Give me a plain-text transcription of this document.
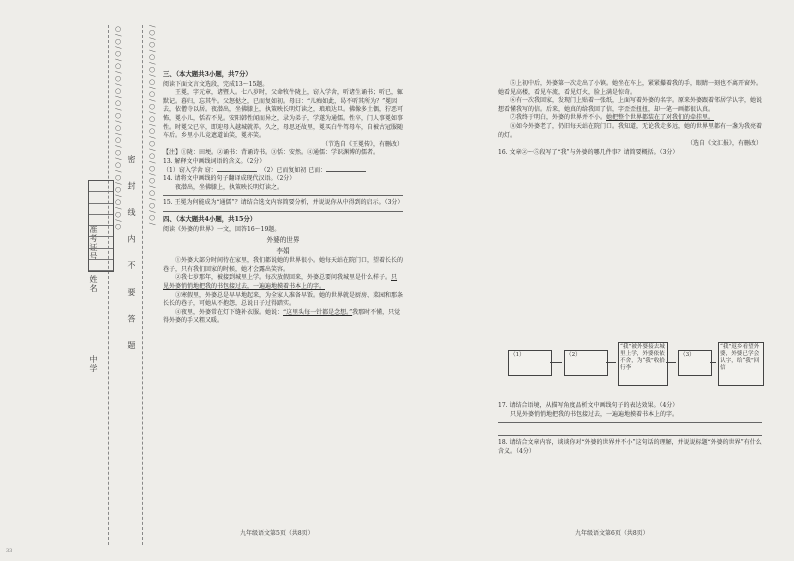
中学
姓名
准考证号	密 封 线 内 不 要 答 题
○/○/○/○/○/○/○/○/○/○/○/○/○/○/○/○/○	/○/○/○/○/○/○/○/○/○/○/○/○/○/○/○/○/ 三、（本大题共3小题，共7分）

阅读下面文言文选段，完成13～15题。

王冕，字元章，诸暨人。七八岁时，父命牧牛陇上，窃入学舍，听诸生诵书；听已，辄默记。暮归，忘其牛。父怒挞之，已而复如初。母曰：“儿痴如此，曷不听其所为？”冕因去，依僧寺以居。夜潜出，坐佛膝上，执策映长明灯读之，琅琅达旦。佛像多土偶，狞恶可怖，冕小儿，恬若不见。安阳韩性闻而异之，录为弟子，学遂为通儒。性卒，门人事冕如事性。时冕父已卒，即迎母入越城就养。久之，母思还故里，冕买白牛驾母车，自被古冠服随车后。乡里小儿竞遮道讪笑，冕亦笑。

（节选自《王冕传》，有删改）

【注】①陇：田埂。②诵书：背诵诗书。③恬：安然。④通儒：学识渊博的儒者。

13. 解释文中画线词语的含义。（2分）

（1）窃入学舍 窃：	（2）已而复如初 已而：

14. 请将文中画线的句子翻译成现代汉语。（2分）

夜潜出，坐佛膝上，执策映长明灯读之。

15. 王冕为何能成为“通儒”？请结合选文内容简要分析，并说说你从中得到的启示。（3分）

四、（本大题共4小题，共15分）

阅读《外婆的世界》一文，回答16～19题。

外婆的世界

李娟

①外婆大部分时间待在家里，我们都说她的世界很小。她每天站在院门口，望着长长的巷子，只有我们回家的时候，她才会露出笑容。

②我七岁那年，被接到城里上学。每次放假回来，外婆总要问我城里是什么样子。只见外婆悄悄地把我的书包接过去，一遍遍地摸着书本上的字。

③寒假里，外婆总是早早地起来，为全家人准备早饭。她的世界就是厨房、菜园和那条长长的巷子，可她从不抱怨，总说日子过得踏实。

④夜里，外婆常在灯下缝补衣服。她说：“这里头每一针都是念想。”我那时不懂，只觉得外婆的手又粗又暖。

⑤上初中后，外婆第一次走出了小镇。她坐在车上，紧紧攥着我的手，眼睛一刻也不离开窗外。她看见高楼，看见车流，看见灯火，脸上满是惊奇。

⑥有一次我回家，发现门上贴着一张纸，上面写着外婆的名字。原来外婆跟着邻居学认字，她说想看懂我写的信。后来，她真的给我回了信，字歪歪扭扭，却一笔一画都很认真。

⑦我终于明白，外婆的世界并不小。她把整个世界都装在了对我们的牵挂里。

⑧如今外婆老了，仍旧每天站在院门口。我知道，无论我走多远，她的世界里都有一盏为我亮着的灯。

（选自《文汇报》，有删改）

16. 文章②～⑤段写了“我”与外婆的哪几件事？请简要概括。（3分）

（1）	（2）
“我”被外婆接去城里上学，外婆依依不舍，为“我”收拾行李
（3）
“我”返乡看望外婆，外婆已学会认字，给“我”回信

17. 请结合语境，从描写角度品析文中画线句子的表达效果。（4分）

只见外婆悄悄地把我的书包接过去，一遍遍地摸着书本上的字。

18. 请结合文章内容，谈谈你对“外婆的世界并不小”这句话的理解，并说说标题“外婆的世界”有什么含义。（4分）

九年级语文第5页（共8页）	九年级语文第6页（共8页）
33
